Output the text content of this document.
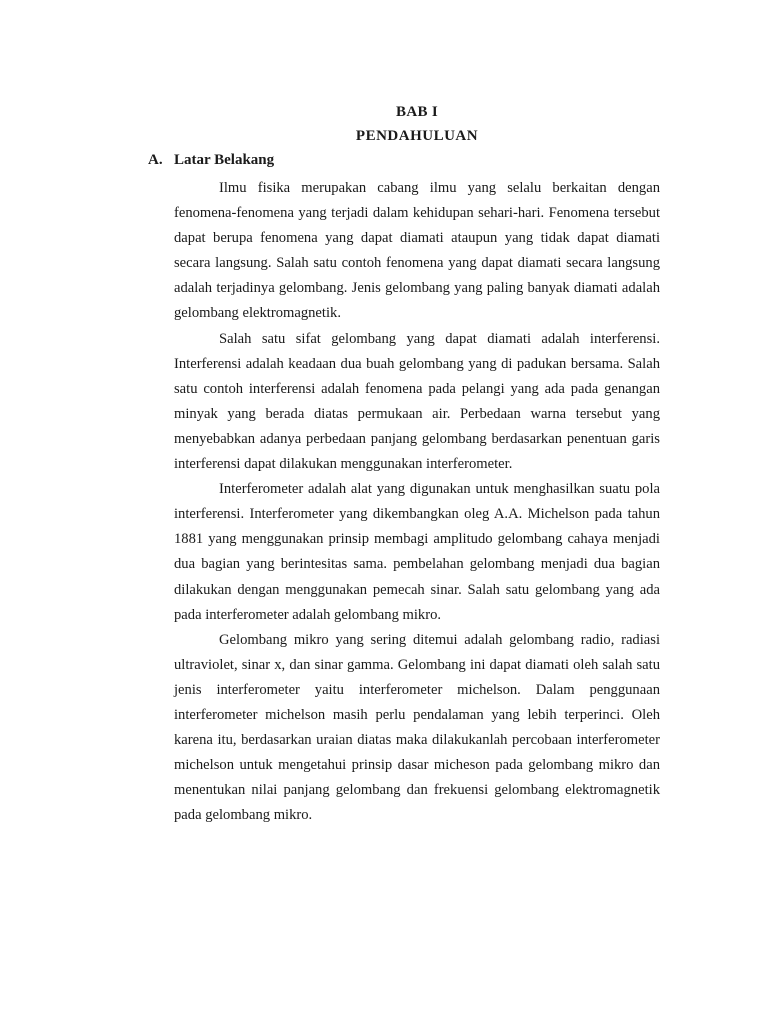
BAB I
PENDAHULUAN
A. Latar Belakang

Ilmu fisika merupakan cabang ilmu yang selalu berkaitan dengan fenomena-fenomena yang terjadi dalam kehidupan sehari-hari. Fenomena tersebut dapat berupa fenomena yang dapat diamati ataupun yang tidak dapat diamati secara langsung. Salah satu contoh fenomena yang dapat diamati secara langsung adalah terjadinya gelombang. Jenis gelombang yang paling banyak diamati adalah gelombang elektromagnetik.

Salah satu sifat gelombang yang dapat diamati adalah interferensi. Interferensi adalah keadaan dua buah gelombang yang di padukan bersama. Salah satu contoh interferensi adalah fenomena pada pelangi yang ada pada genangan minyak yang berada diatas permukaan air. Perbedaan warna tersebut yang menyebabkan adanya perbedaan panjang gelombang berdasarkan penentuan garis interferensi dapat dilakukan menggunakan interferometer.

Interferometer adalah alat yang digunakan untuk menghasilkan suatu pola interferensi. Interferometer yang dikembangkan oleg A.A. Michelson pada tahun 1881 yang menggunakan prinsip membagi amplitudo gelombang cahaya menjadi dua bagian yang berintesitas sama. pembelahan gelombang menjadi dua bagian dilakukan dengan menggunakan pemecah sinar. Salah satu gelombang yang ada pada interferometer adalah gelombang mikro.

Gelombang mikro yang sering ditemui adalah gelombang radio, radiasi ultraviolet, sinar x, dan sinar gamma. Gelombang ini dapat diamati oleh salah satu jenis interferometer yaitu interferometer michelson. Dalam penggunaan interferometer michelson masih perlu pendalaman yang lebih terperinci. Oleh karena itu, berdasarkan uraian diatas maka dilakukanlah percobaan interferometer michelson untuk mengetahui prinsip dasar micheson pada gelombang mikro dan menentukan nilai panjang gelombang dan frekuensi gelombang elektromagnetik pada gelombang mikro.
